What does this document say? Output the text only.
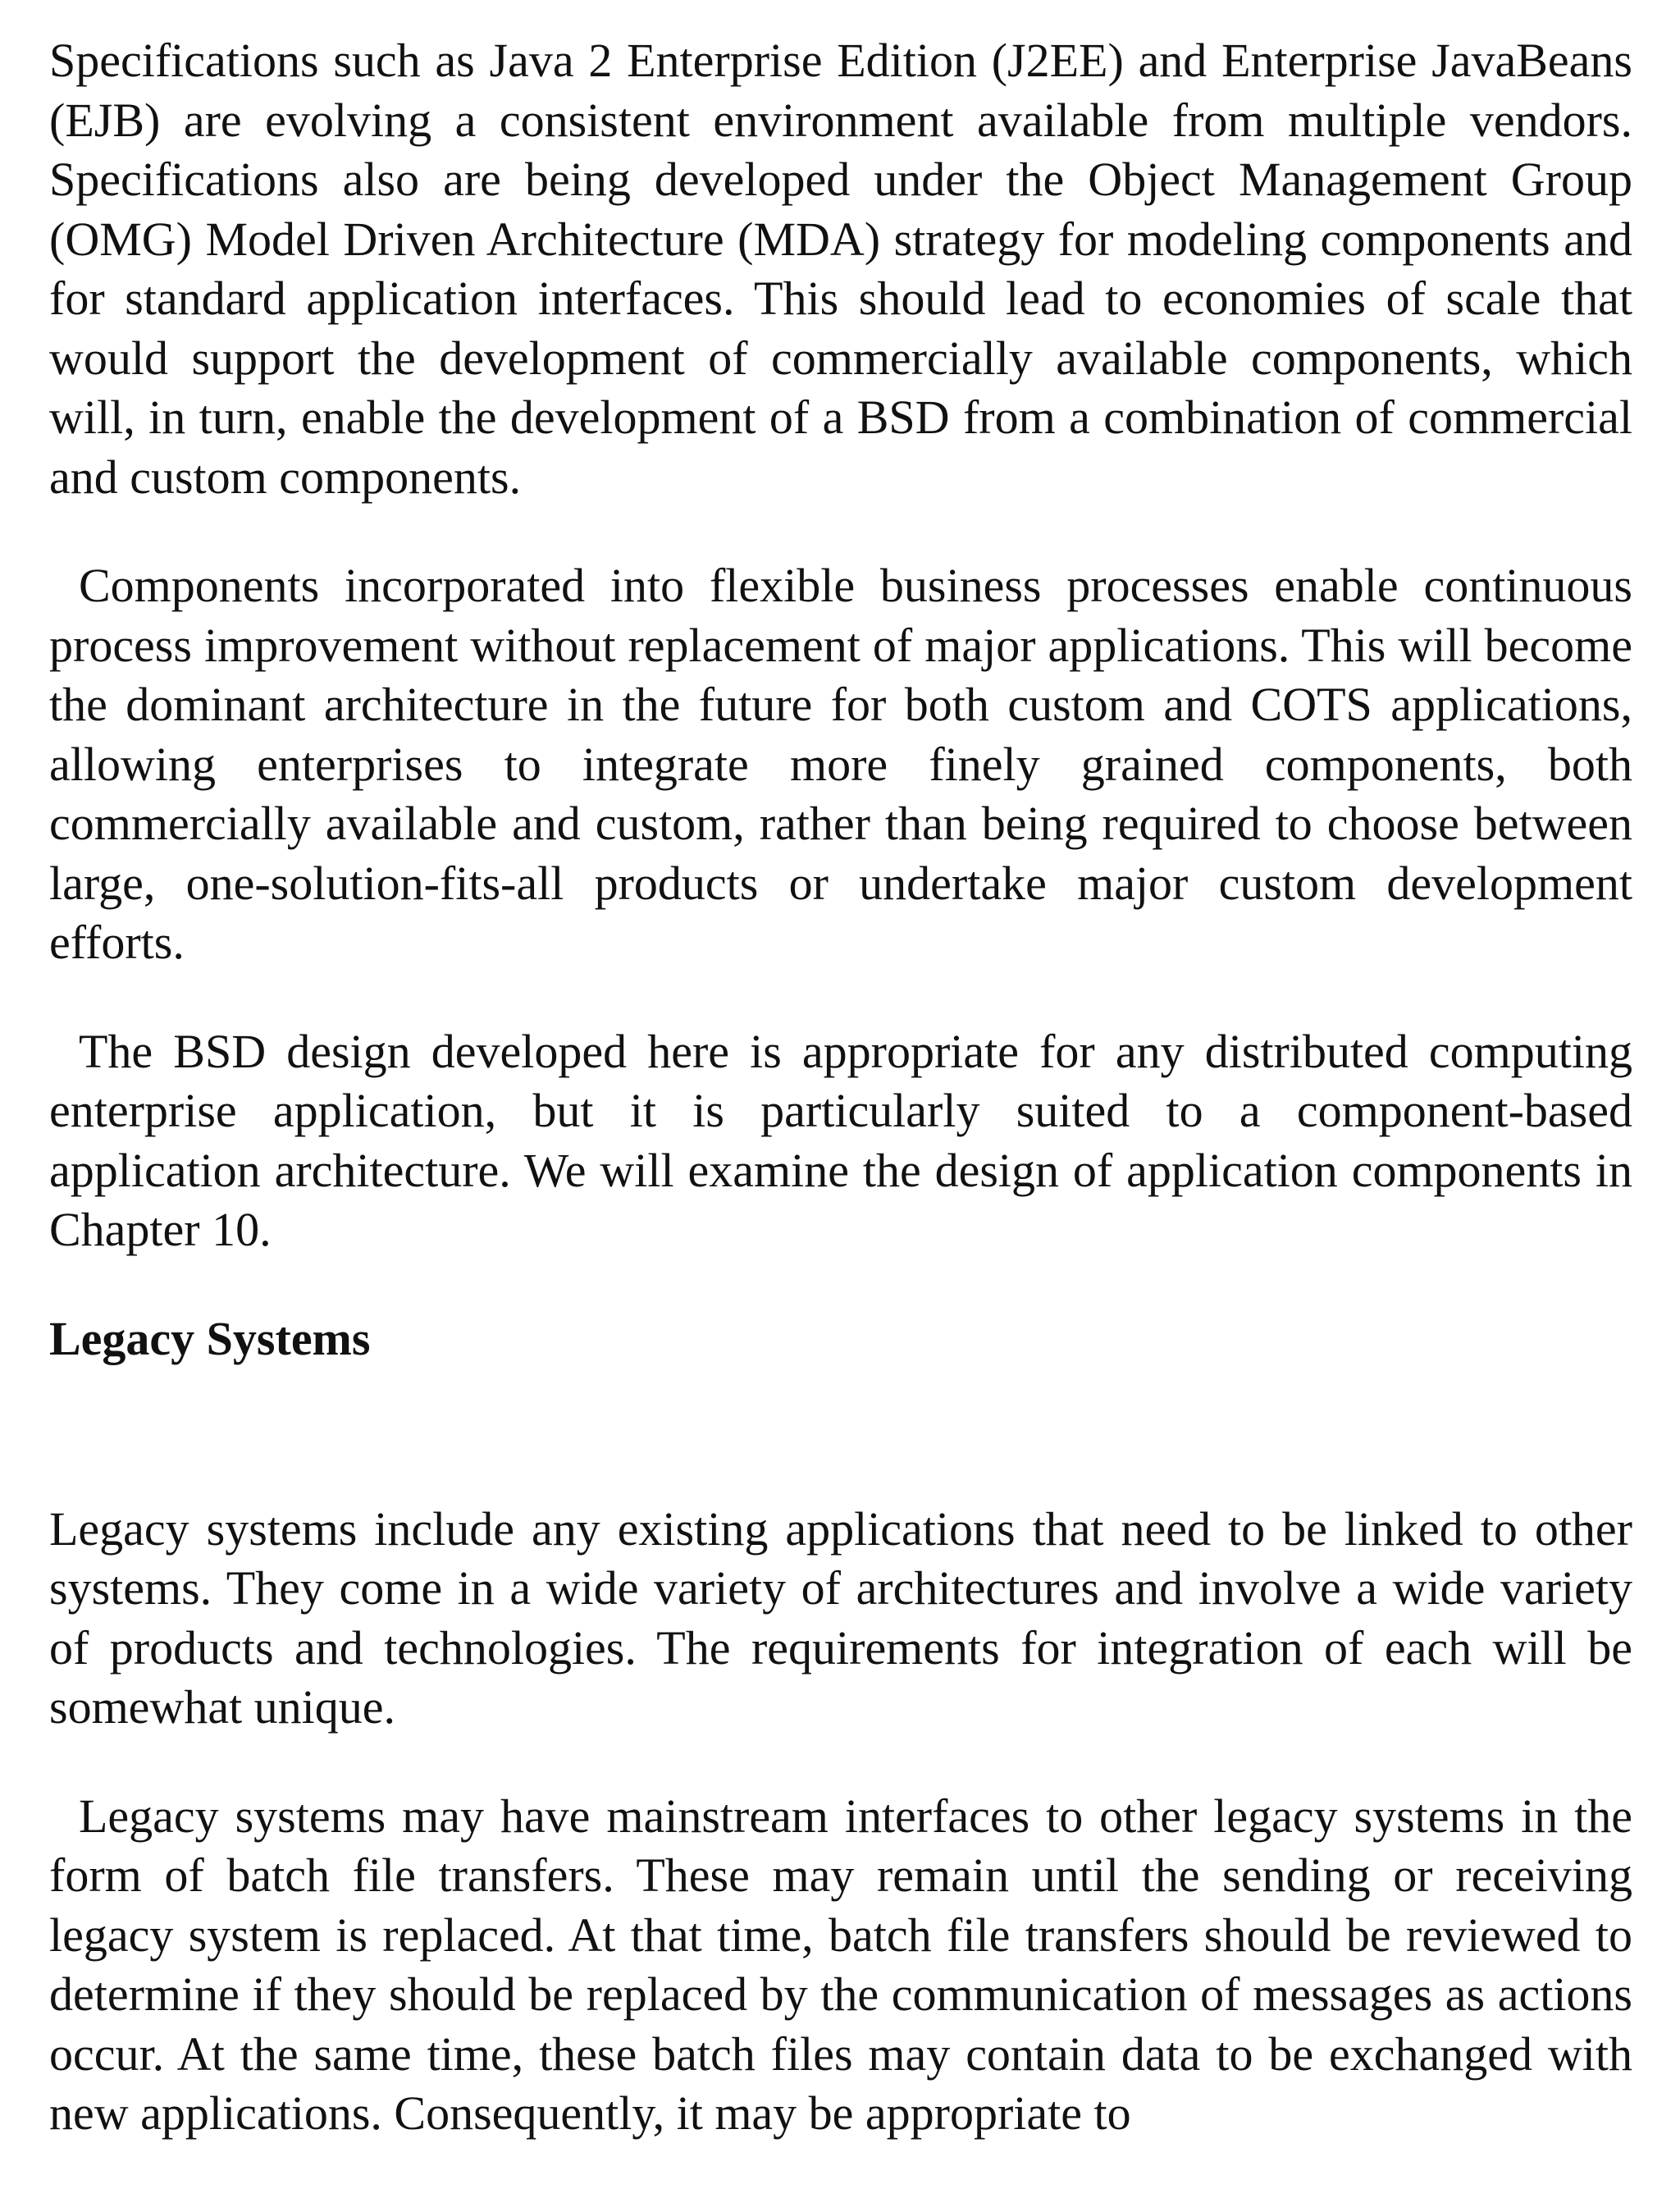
Specifications such as Java 2 Enterprise Edition (J2EE) and Enterprise JavaBeans (EJB) are evolving a consistent environment available from multiple vendors. Specifications also are being developed under the Object Management Group (OMG) Model Driven Architecture (MDA) strategy for modeling components and for standard application interfaces. This should lead to economies of scale that would support the development of commercially available components, which will, in turn, enable the development of a BSD from a combination of commercial and custom components.

Components incorporated into flexible business processes enable continuous process improvement without replacement of major applications. This will become the dominant architecture in the future for both custom and COTS applications, allowing enterprises to integrate more finely grained components, both commercially available and custom, rather than being required to choose between large, one-solution-fits-all products or undertake major custom development efforts.

The BSD design developed here is appropriate for any distributed computing enterprise application, but it is particularly suited to a component-based application architecture. We will examine the design of application components in Chapter 10.

Legacy Systems

Legacy systems include any existing applications that need to be linked to other systems. They come in a wide variety of architectures and involve a wide variety of products and technologies. The requirements for integration of each will be somewhat unique.

Legacy systems may have mainstream interfaces to other legacy systems in the form of batch file transfers. These may remain until the sending or receiving legacy system is replaced. At that time, batch file transfers should be reviewed to determine if they should be replaced by the communication of messages as actions occur. At the same time, these batch files may contain data to be exchanged with new applications. Consequently, it may be appropriate to
